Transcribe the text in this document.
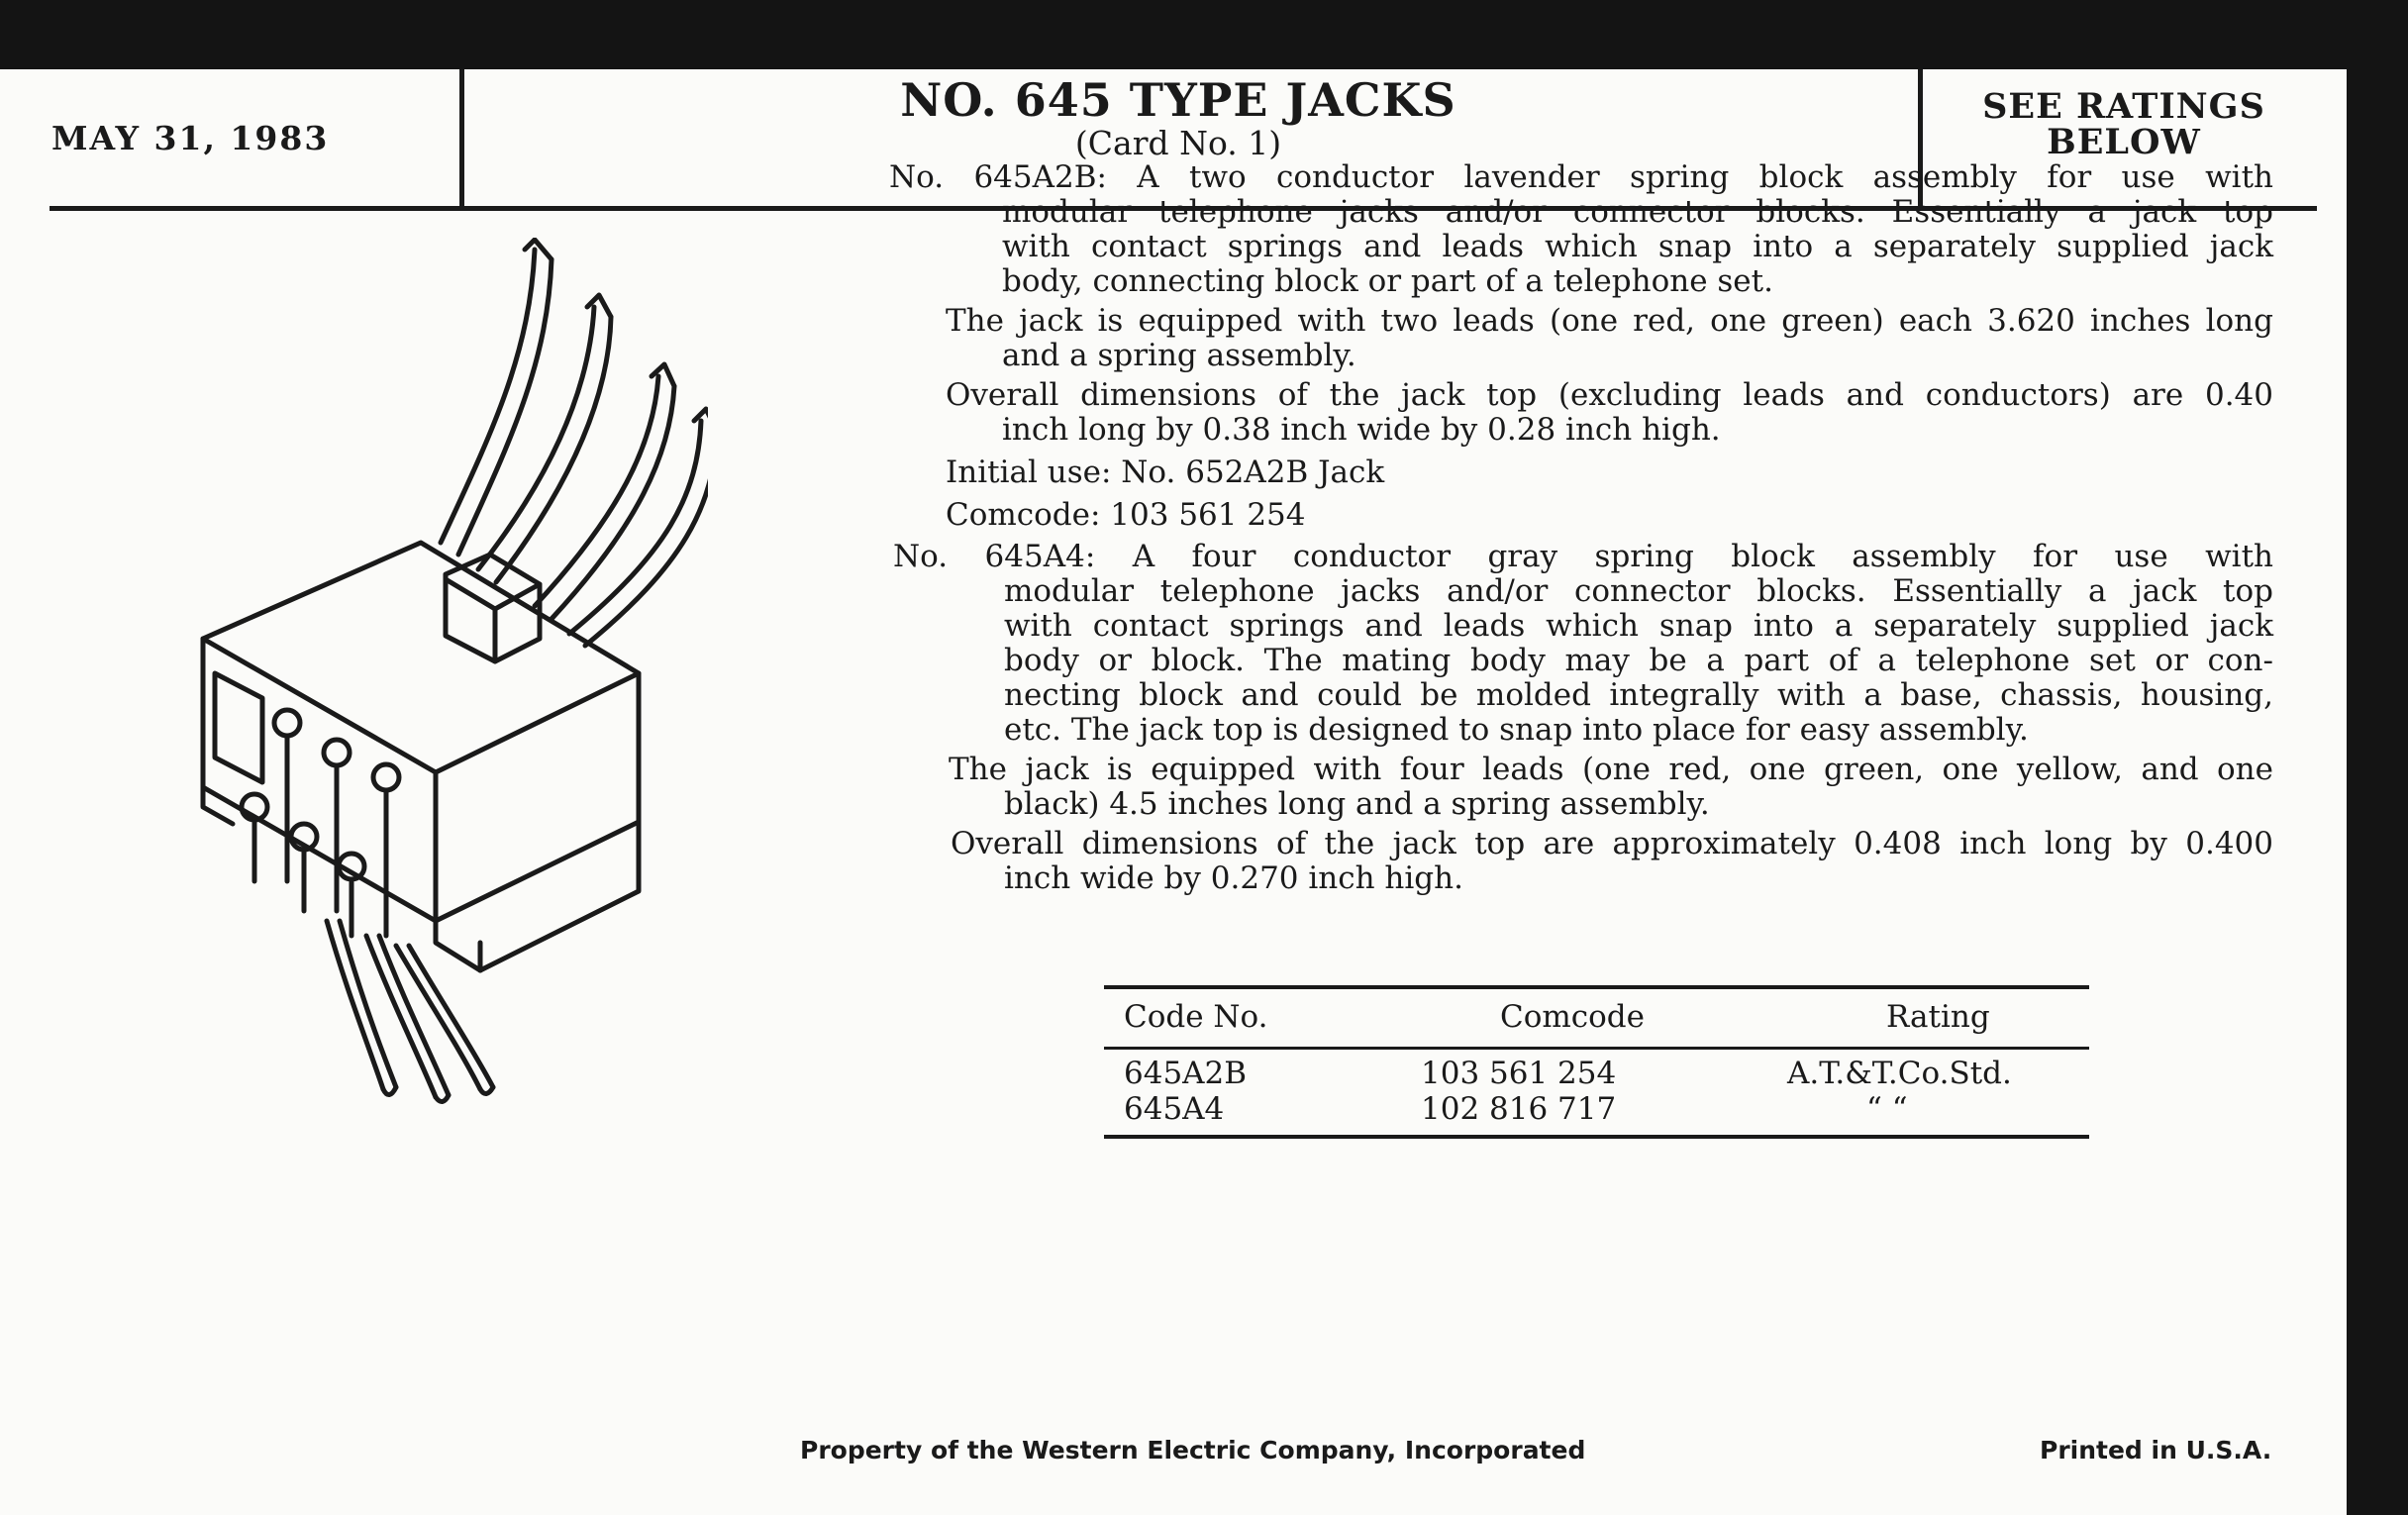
MAY 31, 1983
NO. 645 TYPE JACKS
(Card No. 1)
SEE RATINGS
BELOW
No. 645A2B: A two conductor lavender spring block assembly for use with
modular telephone jacks and/or connector blocks. Essentially a jack top
with contact springs and leads which snap into a separately supplied jack
body, connecting block or part of a telephone set.
The jack is equipped with two leads (one red, one green) each 3.620 inches long
and a spring assembly.
Overall dimensions of the jack top (excluding leads and conductors) are 0.40
inch long by 0.38 inch wide by 0.28 inch high.
Initial use: No. 652A2B Jack
Comcode: 103 561 254
No. 645A4: A four conductor gray spring block assembly for use with
modular telephone jacks and/or connector blocks. Essentially a jack top
with contact springs and leads which snap into a separately supplied jack
body or block. The mating body may be a part of a telephone set or con-
necting block and could be molded integrally with a base, chassis, housing,
etc. The jack top is designed to snap into place for easy assembly.
The jack is equipped with four leads (one red, one green, one yellow, and one
black) 4.5 inches long and a spring assembly.
Overall dimensions of the jack top are approximately 0.408 inch long by 0.400
inch wide by 0.270 inch high.
Code No.	Comcode	Rating
645A2B	103 561 254	A.T.&T.Co.Std.
645A4	102 816 717	“ “
Property of the Western Electric Company, Incorporated	Printed in U.S.A.
